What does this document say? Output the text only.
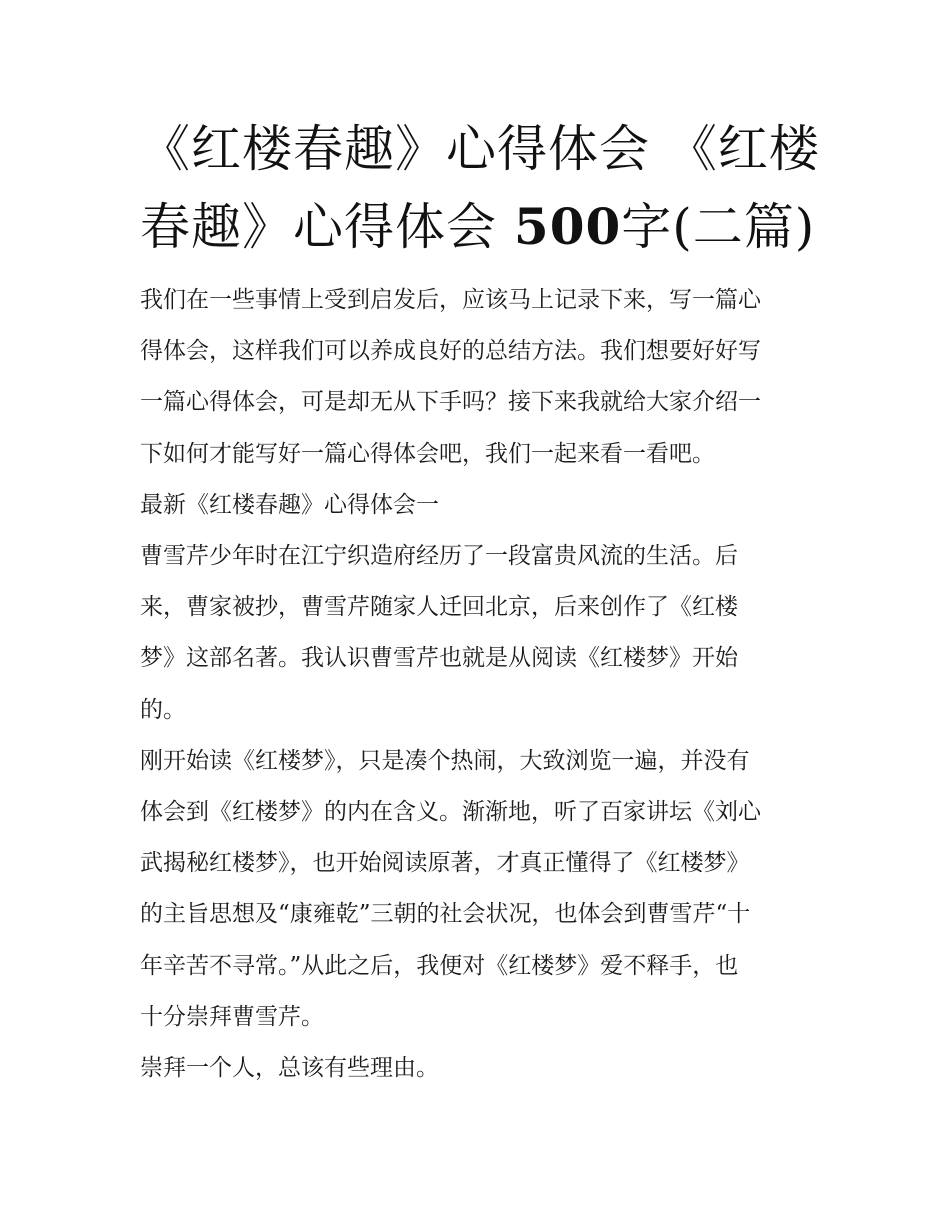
《红楼春趣》心得体会 《红楼
春趣》心得体会 500字(二篇)

我们在一些事情上受到启发后，应该马上记录下来，写一篇心
得体会，这样我们可以养成良好的总结方法。我们想要好好写
一篇心得体会，可是却无从下手吗？接下来我就给大家介绍一
下如何才能写好一篇心得体会吧，我们一起来看一看吧。

最新《红楼春趣》心得体会一

曹雪芹少年时在江宁织造府经历了一段富贵风流的生活。后
来，曹家被抄，曹雪芹随家人迁回北京，后来创作了《红楼
梦》这部名著。我认识曹雪芹也就是从阅读《红楼梦》开始
的。

刚开始读《红楼梦》，只是凑个热闹，大致浏览一遍，并没有
体会到《红楼梦》的内在含义。渐渐地，听了百家讲坛《刘心
武揭秘红楼梦》，也开始阅读原著，才真正懂得了《红楼梦》
的主旨思想及“康雍乾”三朝的社会状况，也体会到曹雪芹“十
年辛苦不寻常。”从此之后，我便对《红楼梦》爱不释手，也
十分崇拜曹雪芹。

崇拜一个人，总该有些理由。
